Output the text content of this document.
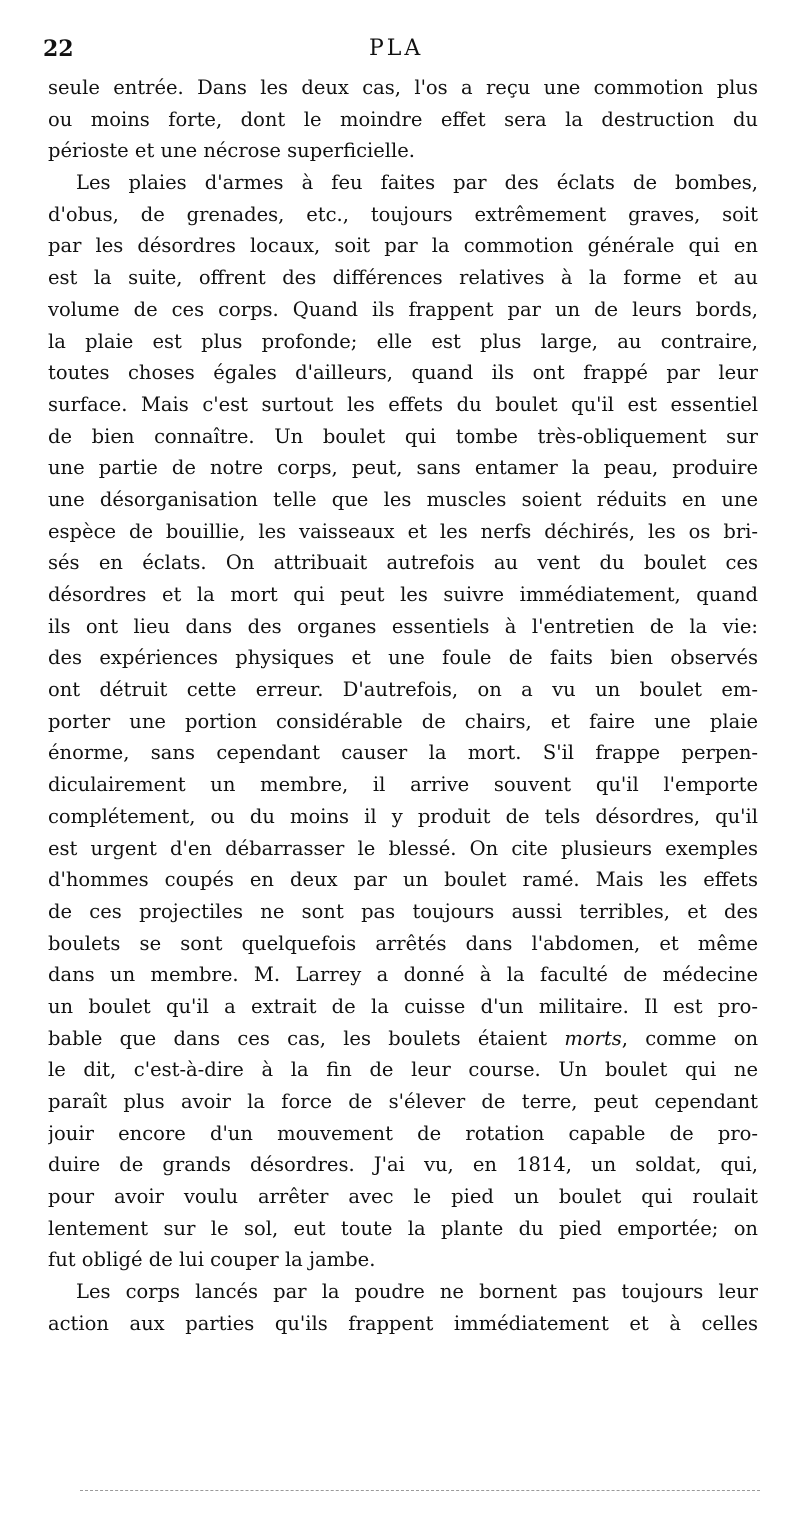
22	PLA
seule entrée. Dans les deux cas, l'os a reçu une commotion plus
ou moins forte, dont le moindre effet sera la destruction du
périoste et une nécrose superficielle.
Les plaies d'armes à feu faites par des éclats de bombes,
d'obus, de grenades, etc., toujours extrêmement graves, soit
par les désordres locaux, soit par la commotion générale qui en
est la suite, offrent des différences relatives à la forme et au
volume de ces corps. Quand ils frappent par un de leurs bords,
la plaie est plus profonde; elle est plus large, au contraire,
toutes choses égales d'ailleurs, quand ils ont frappé par leur
surface. Mais c'est surtout les effets du boulet qu'il est essentiel
de bien connaître. Un boulet qui tombe très-obliquement sur
une partie de notre corps, peut, sans entamer la peau, produire
une désorganisation telle que les muscles soient réduits en une
espèce de bouillie, les vaisseaux et les nerfs déchirés, les os bri-
sés en éclats. On attribuait autrefois au vent du boulet ces
désordres et la mort qui peut les suivre immédiatement, quand
ils ont lieu dans des organes essentiels à l'entretien de la vie:
des expériences physiques et une foule de faits bien observés
ont détruit cette erreur. D'autrefois, on a vu un boulet em-
porter une portion considérable de chairs, et faire une plaie
énorme, sans cependant causer la mort. S'il frappe perpen-
diculairement un membre, il arrive souvent qu'il l'emporte
complétement, ou du moins il y produit de tels désordres, qu'il
est urgent d'en débarrasser le blessé. On cite plusieurs exemples
d'hommes coupés en deux par un boulet ramé. Mais les effets
de ces projectiles ne sont pas toujours aussi terribles, et des
boulets se sont quelquefois arrêtés dans l'abdomen, et même
dans un membre. M. Larrey a donné à la faculté de médecine
un boulet qu'il a extrait de la cuisse d'un militaire. Il est pro-
bable que dans ces cas, les boulets étaient morts, comme on
le dit, c'est-à-dire à la fin de leur course. Un boulet qui ne
paraît plus avoir la force de s'élever de terre, peut cependant
jouir encore d'un mouvement de rotation capable de pro-
duire de grands désordres. J'ai vu, en 1814, un soldat, qui,
pour avoir voulu arrêter avec le pied un boulet qui roulait
lentement sur le sol, eut toute la plante du pied emportée; on
fut obligé de lui couper la jambe.
Les corps lancés par la poudre ne bornent pas toujours leur
action aux parties qu'ils frappent immédiatement et à celles
